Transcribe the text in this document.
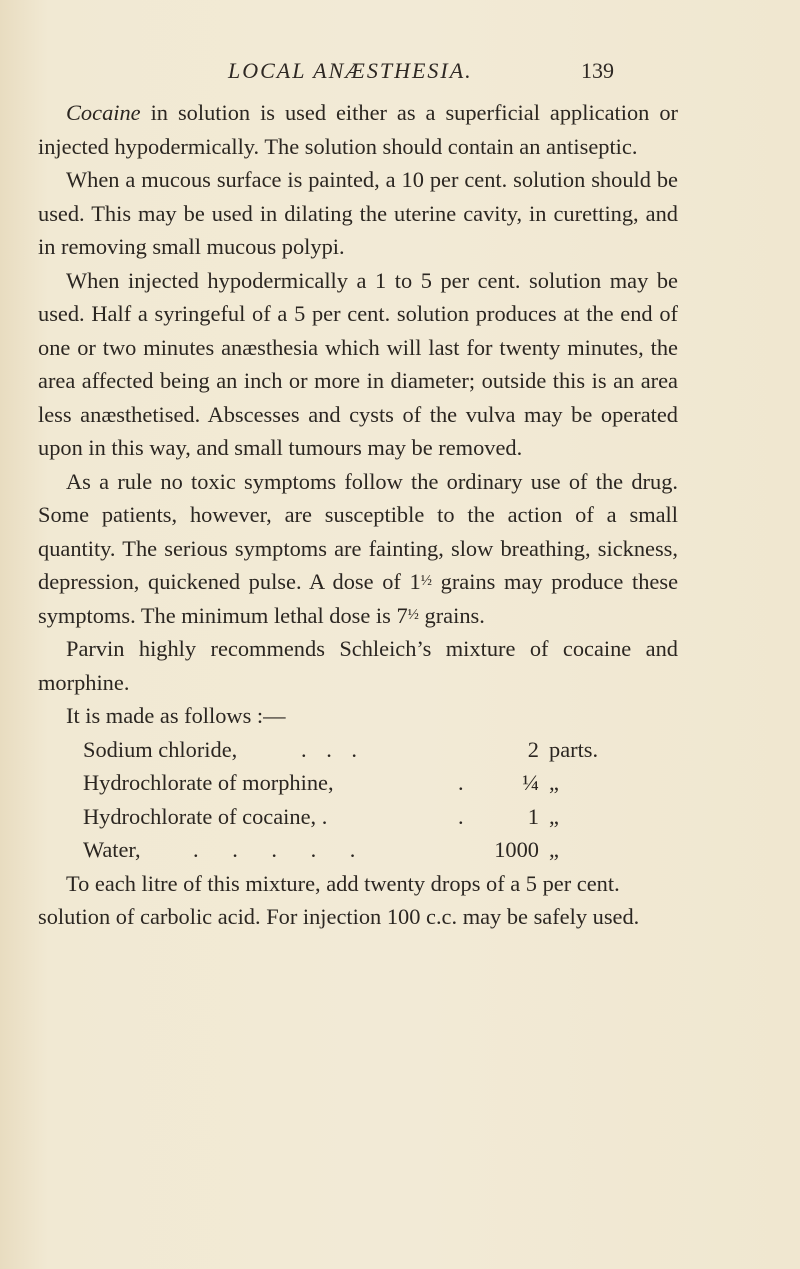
LOCAL ANÆSTHESIA.	139

Cocaine in solution is used either as a superficial application or injected hypodermically. The solution should contain an antiseptic.

When a mucous surface is painted, a 10 per cent. solution should be used. This may be used in dilating the uterine cavity, in curetting, and in removing small mucous polypi.

When injected hypodermically a 1 to 5 per cent. solution may be used. Half a syringeful of a 5 per cent. solution produces at the end of one or two minutes anæsthesia which will last for twenty minutes, the area affected being an inch or more in diameter; outside this is an area less anæsthetised. Abscesses and cysts of the vulva may be operated upon in this way, and small tumours may be removed.

As a rule no toxic symptoms follow the ordinary use of the drug. Some patients, however, are susceptible to the action of a small quantity. The serious symptoms are fainting, slow breathing, sickness, depression, quickened pulse. A dose of 1½ grains may produce these symptoms. The minimum lethal dose is 7½ grains.

Parvin highly recommends Schleich’s mixture of cocaine and morphine.

It is made as follows :—

Sodium chloride,	. . .	2 parts.
Hydrochlorate of morphine,	.	¼ „
Hydrochlorate of cocaine, .	.	1 „
Water, . . . . .	1000 „

To each litre of this mixture, add twenty drops of a 5 per cent. solution of carbolic acid. For injection 100 c.c. may be safely used.
